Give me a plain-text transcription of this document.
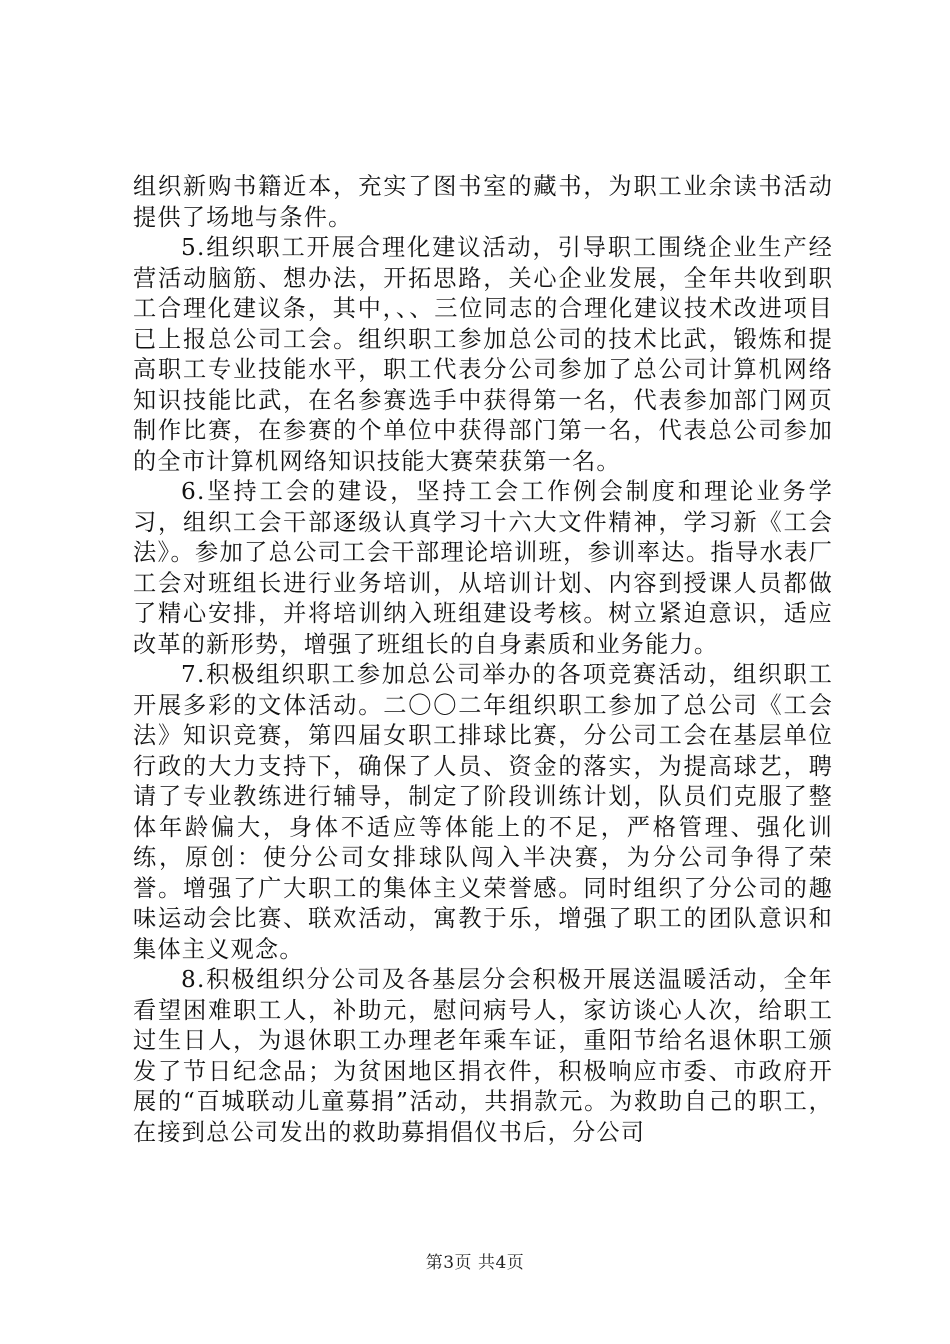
组织新购书籍近本，充实了图书室的藏书，为职工业余读书活动提供了场地与条件。

5.组织职工开展合理化建议活动，引导职工围绕企业生产经营活动脑筋、想办法，开拓思路，关心企业发展，全年共收到职工合理化建议条，其中，、、三位同志的合理化建议技术改进项目已上报总公司工会。组织职工参加总公司的技术比武，锻炼和提高职工专业技能水平，职工代表分公司参加了总公司计算机网络知识技能比武，在名参赛选手中获得第一名，代表参加部门网页制作比赛，在参赛的个单位中获得部门第一名，代表总公司参加的全市计算机网络知识技能大赛荣获第一名。

6.坚持工会的建设，坚持工会工作例会制度和理论业务学习，组织工会干部逐级认真学习十六大文件精神，学习新《工会法》。参加了总公司工会干部理论培训班，参训率达。指导水表厂工会对班组长进行业务培训，从培训计划、内容到授课人员都做了精心安排，并将培训纳入班组建设考核。树立紧迫意识，适应改革的新形势，增强了班组长的自身素质和业务能力。

7.积极组织职工参加总公司举办的各项竞赛活动，组织职工开展多彩的文体活动。二〇〇二年组织职工参加了总公司《工会法》知识竞赛，第四届女职工排球比赛，分公司工会在基层单位行政的大力支持下，确保了人员、资金的落实，为提高球艺，聘请了专业教练进行辅导，制定了阶段训练计划，队员们克服了整体年龄偏大，身体不适应等体能上的不足，严格管理、强化训练，原创：使分公司女排球队闯入半决赛，为分公司争得了荣誉。增强了广大职工的集体主义荣誉感。同时组织了分公司的趣味运动会比赛、联欢活动，寓教于乐，增强了职工的团队意识和集体主义观念。

8.积极组织分公司及各基层分会积极开展送温暖活动，全年看望困难职工人，补助元，慰问病号人，家访谈心人次，给职工过生日人，为退休职工办理老年乘车证，重阳节给名退休职工颁发了节日纪念品；为贫困地区捐衣件，积极响应市委、市政府开展的“百城联动儿童募捐”活动，共捐款元。为救助自己的职工，在接到总公司发出的救助募捐倡仪书后，分公司

第3页 共4页
